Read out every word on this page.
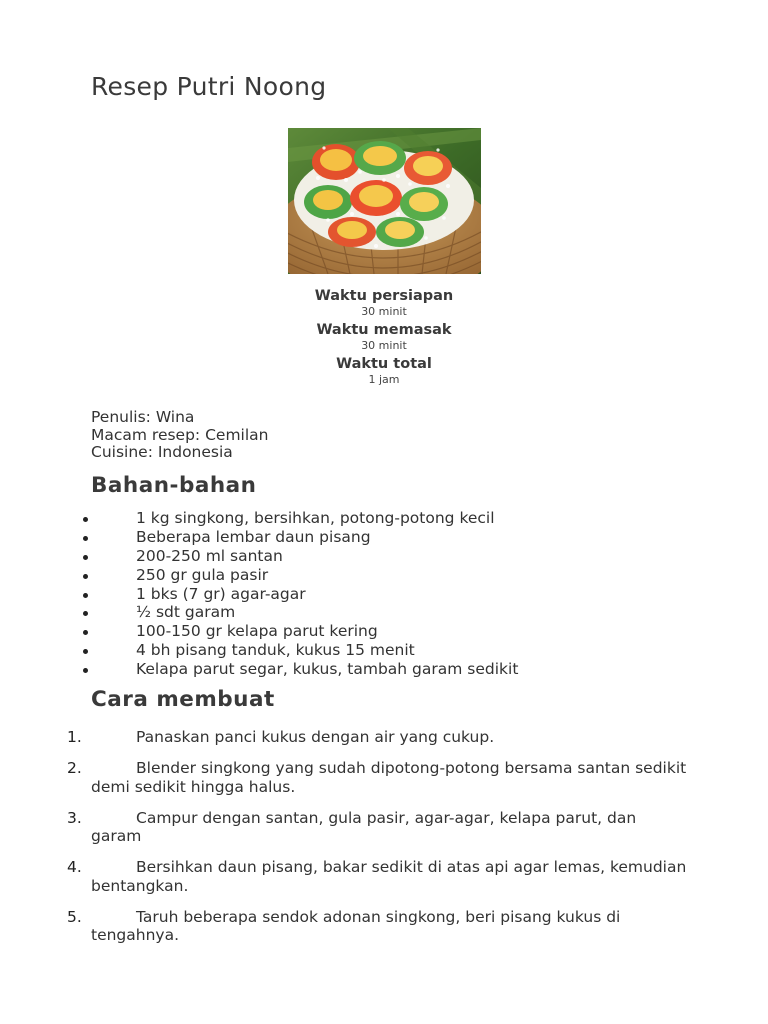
Resep Putri Noong
Waktu persiapan
30 minit
Waktu memasak
30 minit
Waktu total
1 jam
Penulis: Wina
Macam resep: Cemilan
Cuisine: Indonesia
Bahan-bahan
1 kg singkong, bersihkan, potong-potong kecil
Beberapa lembar daun pisang
200-250 ml santan
250 gr gula pasir
1 bks (7 gr) agar-agar
½ sdt garam
100-150 gr kelapa parut kering
4 bh pisang tanduk, kukus 15 menit
Kelapa parut segar, kukus, tambah garam sedikit
Cara membuat
1.	Panaskan panci kukus dengan air yang cukup.
2.	Blender singkong yang sudah dipotong-potong bersama santan sedikit demi sedikit hingga halus.
3.	Campur dengan santan, gula pasir, agar-agar, kelapa parut, dan garam
4.	Bersihkan daun pisang, bakar sedikit di atas api agar lemas, kemudian bentangkan.
5.	Taruh beberapa sendok adonan singkong, beri pisang kukus di tengahnya.
